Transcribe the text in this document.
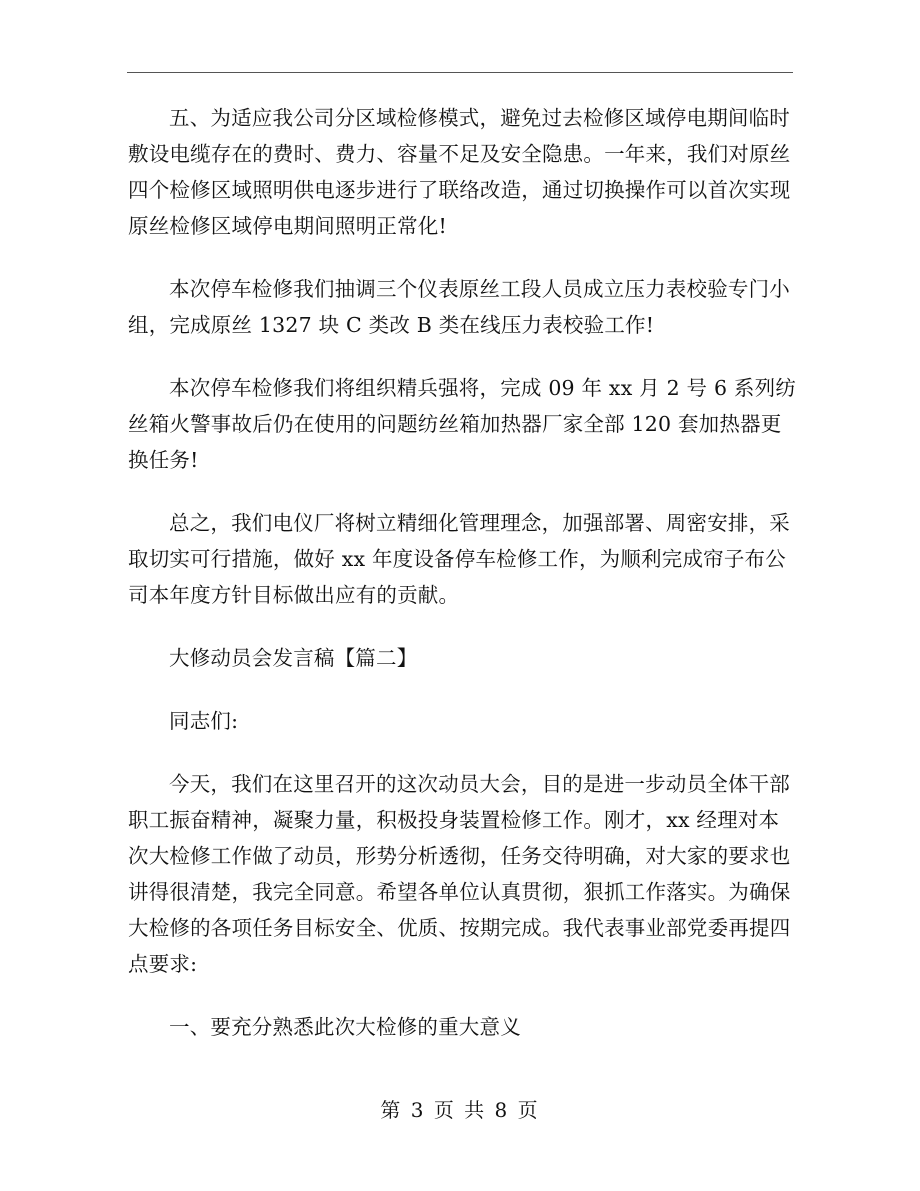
五、为适应我公司分区域检修模式，避免过去检修区域停电期间临时敷设电缆存在的费时、费力、容量不足及安全隐患。一年来，我们对原丝四个检修区域照明供电逐步进行了联络改造，通过切换操作可以首次实现原丝检修区域停电期间照明正常化!

本次停车检修我们抽调三个仪表原丝工段人员成立压力表校验专门小组，完成原丝 1327 块 C 类改 B 类在线压力表校验工作!

本次停车检修我们将组织精兵强将，完成 09 年 xx 月 2 号 6 系列纺丝箱火警事故后仍在使用的问题纺丝箱加热器厂家全部 120 套加热器更换任务!

总之，我们电仪厂将树立精细化管理理念，加强部署、周密安排，采取切实可行措施，做好 xx 年度设备停车检修工作，为顺利完成帘子布公司本年度方针目标做出应有的贡献。

大修动员会发言稿【篇二】

同志们:

今天，我们在这里召开的这次动员大会，目的是进一步动员全体干部职工振奋精神，凝聚力量，积极投身装置检修工作。刚才，xx 经理对本次大检修工作做了动员，形势分析透彻，任务交待明确，对大家的要求也讲得很清楚，我完全同意。希望各单位认真贯彻，狠抓工作落实。为确保大检修的各项任务目标安全、优质、按期完成。我代表事业部党委再提四点要求:

一、要充分熟悉此次大检修的重大意义

第 3 页 共 8 页
